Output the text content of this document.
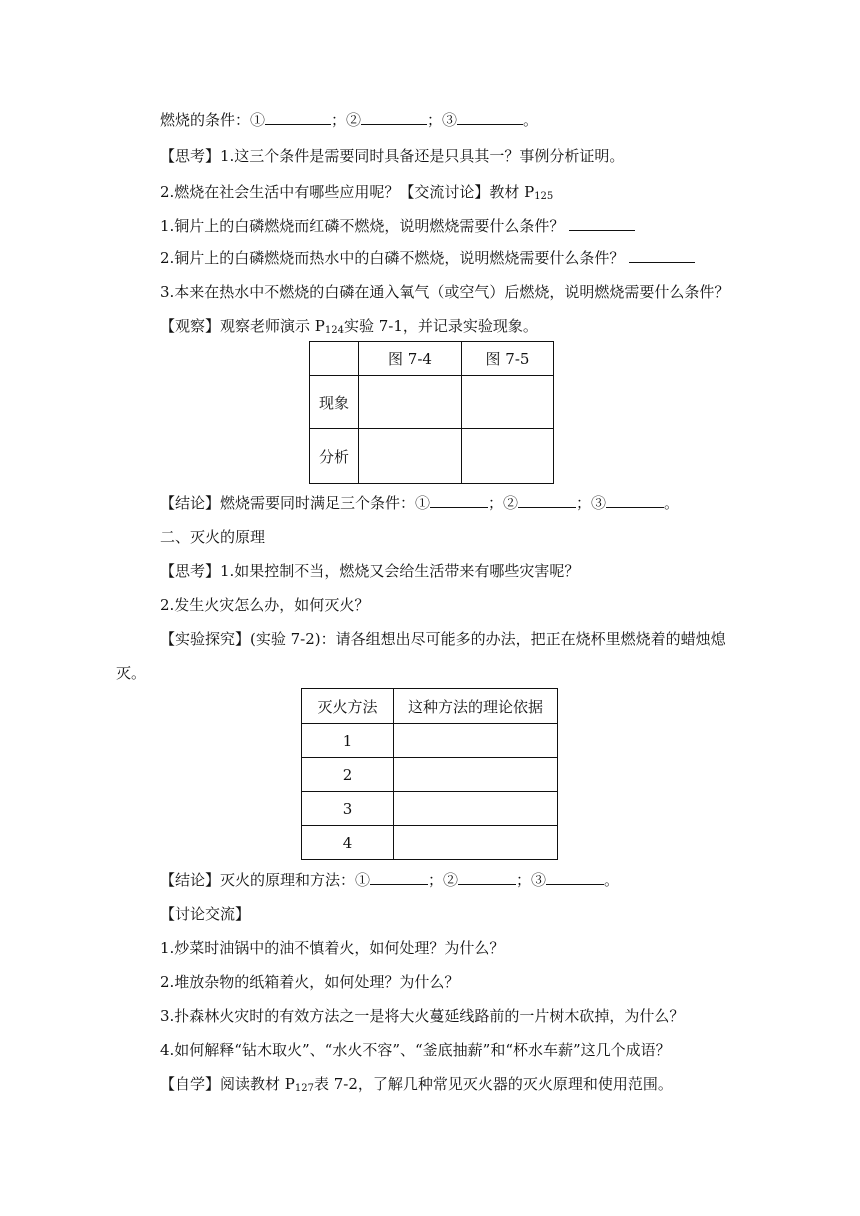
燃烧的条件：①	；②	；③	。
【思考】1.这三个条件是需要同时具备还是只具其一？事例分析证明。
2.燃烧在社会生活中有哪些应用呢？【交流讨论】教材 $P_{125}$
1.铜片上的白磷燃烧而红磷不燃烧，说明燃烧需要什么条件？
2.铜片上的白磷燃烧而热水中的白磷不燃烧，说明燃烧需要什么条件？
3.本来在热水中不燃烧的白磷在通入氧气（或空气）后燃烧，说明燃烧需要什么条件？
【观察】观察老师演示 $P_{124}$实验 7-1，并记录实验现象。
	图 7-4	图 7-5
现象		
分析		
【结论】燃烧需要同时满足三个条件：①	；②	；③	。
二、灭火的原理
【思考】1.如果控制不当，燃烧又会给生活带来有哪些灾害呢？
2.发生火灾怎么办，如何灭火？
【实验探究】(实验 7-2)：请各组想出尽可能多的办法，把正在烧杯里燃烧着的蜡烛熄
灭。
灭火方法	这种方法的理论依据
1	
2	
3	
4	
【结论】灭火的原理和方法：①	；②	；③	。
【讨论交流】
1.炒菜时油锅中的油不慎着火，如何处理？为什么？
2.堆放杂物的纸箱着火，如何处理？为什么？
3.扑森林火灾时的有效方法之一是将大火蔓延线路前的一片树木砍掉，为什么？
4.如何解释“钻木取火”、“水火不容”、“釜底抽薪”和“杯水车薪”这几个成语？
【自学】阅读教材 $P_{127}$表 7-2，了解几种常见灭火器的灭火原理和使用范围。
